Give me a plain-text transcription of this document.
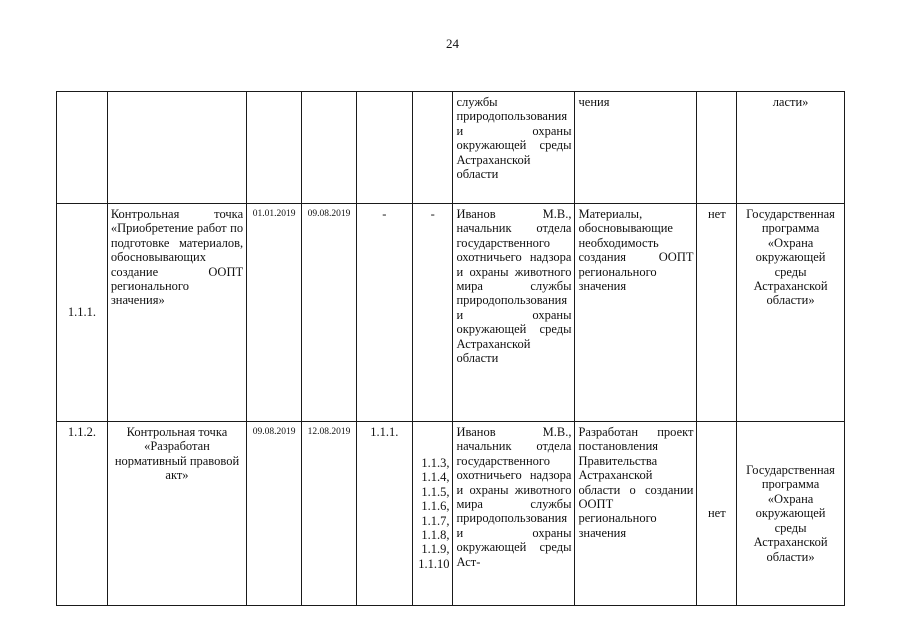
24
						службы природопользования и охраны окружающей среды Астраханской области	чения		ласти»
1.1.1.	Контрольная точка «Приобретение работ по подготовке материалов, обосновывающих создание ООПТ регионального значения»	01.01.2019	09.08.2019	-	-	Иванов М.В., начальник отдела государственного охотничьего надзора и охраны животного мира службы природопользования и охраны окружающей среды Астраханской области	Материалы, обосновывающие необходимость создания ООПТ регионального значения	нет	Государственная программа «Охрана окружающей среды Астраханской области»
1.1.2.	Контрольная точка «Разработан нормативный правовой акт»	09.08.2019	12.08.2019	1.1.1.	1.1.3, 1.1.4, 1.1.5, 1.1.6, 1.1.7, 1.1.8, 1.1.9, 1.1.10	Иванов М.В., начальник отдела государственного охотничьего надзора и охраны животного мира службы природопользования и охраны окружающей среды Аст-	Разработан проект постановления Правительства Астраханской области о создании ООПТ регионального значения	нет	Государственная программа «Охрана окружающей среды Астраханской области»
